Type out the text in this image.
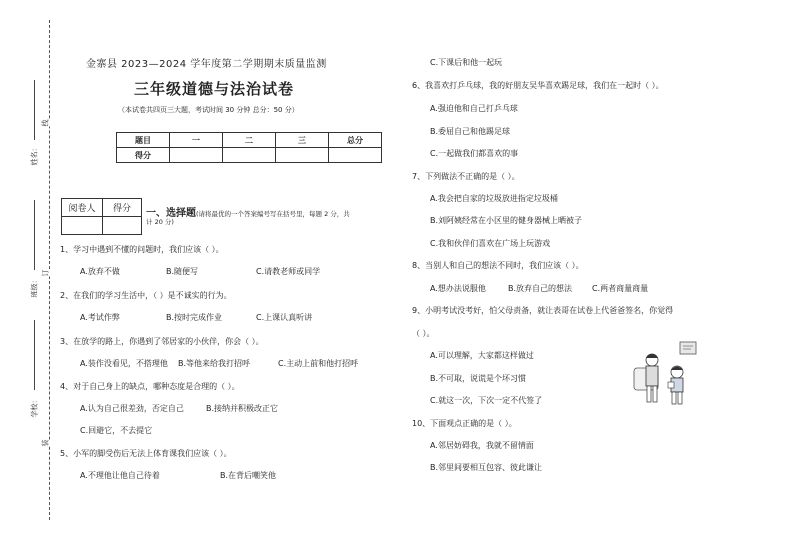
姓名：
班级：
学校：
线
订
装
金寨县 2023—2024 学年度第二学期期末质量监测
三年级道德与法治试卷
（本试卷共四页三大题，考试时间 30 分钟 总分：50 分）
题目	一	二	三	总分
得分				
阅卷人	得分
	一、选择题(请将最优的一个答案编号写在括号里，每题 2 分，共
计 20 分)
1、学习中遇到不懂的问题时，我们应该（ ）。
A.放弃不做	B.随便写	C.请教老师或同学
2、在我们的学习生活中，（ ）是不诚实的行为。
A.考试作弊	B.按时完成作业	C.上课认真听讲
3、在放学的路上，你遇到了邻居家的小伙伴，你会（ ）。
A.装作没看见，不搭理他 B.等他来给我打招呼	C.主动上前和他打招呼
4、对于自己身上的缺点，哪种态度是合理的（ ）。
A.认为自己很差劲，否定自己	B.接纳并积极改正它
C.回避它，不去提它
5、小军的脚受伤后无法上体育课我们应该（ ）。
A.不理他让他自己待着	B.在背后嘲笑他
C.下课后和他一起玩
6、我喜欢打乒乓球，我的好朋友吴华喜欢踢足球，我们在一起时（ ）。
A.强迫他和自己打乒乓球
B.委屈自己和他踢足球
C.一起做我们都喜欢的事
7、下列做法不正确的是（ ）。
A.我会把自家的垃圾放进指定垃圾桶
B.刘阿姨经常在小区里的健身器械上晒被子
C.我和伙伴们喜欢在广场上玩游戏
8、当别人和自己的想法不同时，我们应该（ ）。
A.想办法说服他	B.放弃自己的想法 C.两者商量商量
9、小明考试没考好，怕父母责备，就让表哥在试卷上代爸爸签名，你觉得
（ ）。
A.可以理解，大家都这样做过
B.不可取，说谎是个坏习惯
C.就这一次，下次一定不代签了
10、下面观点正确的是（ ）。
A.邻居妨碍我，我就不留情面
B.邻里间要相互包容、彼此谦让
